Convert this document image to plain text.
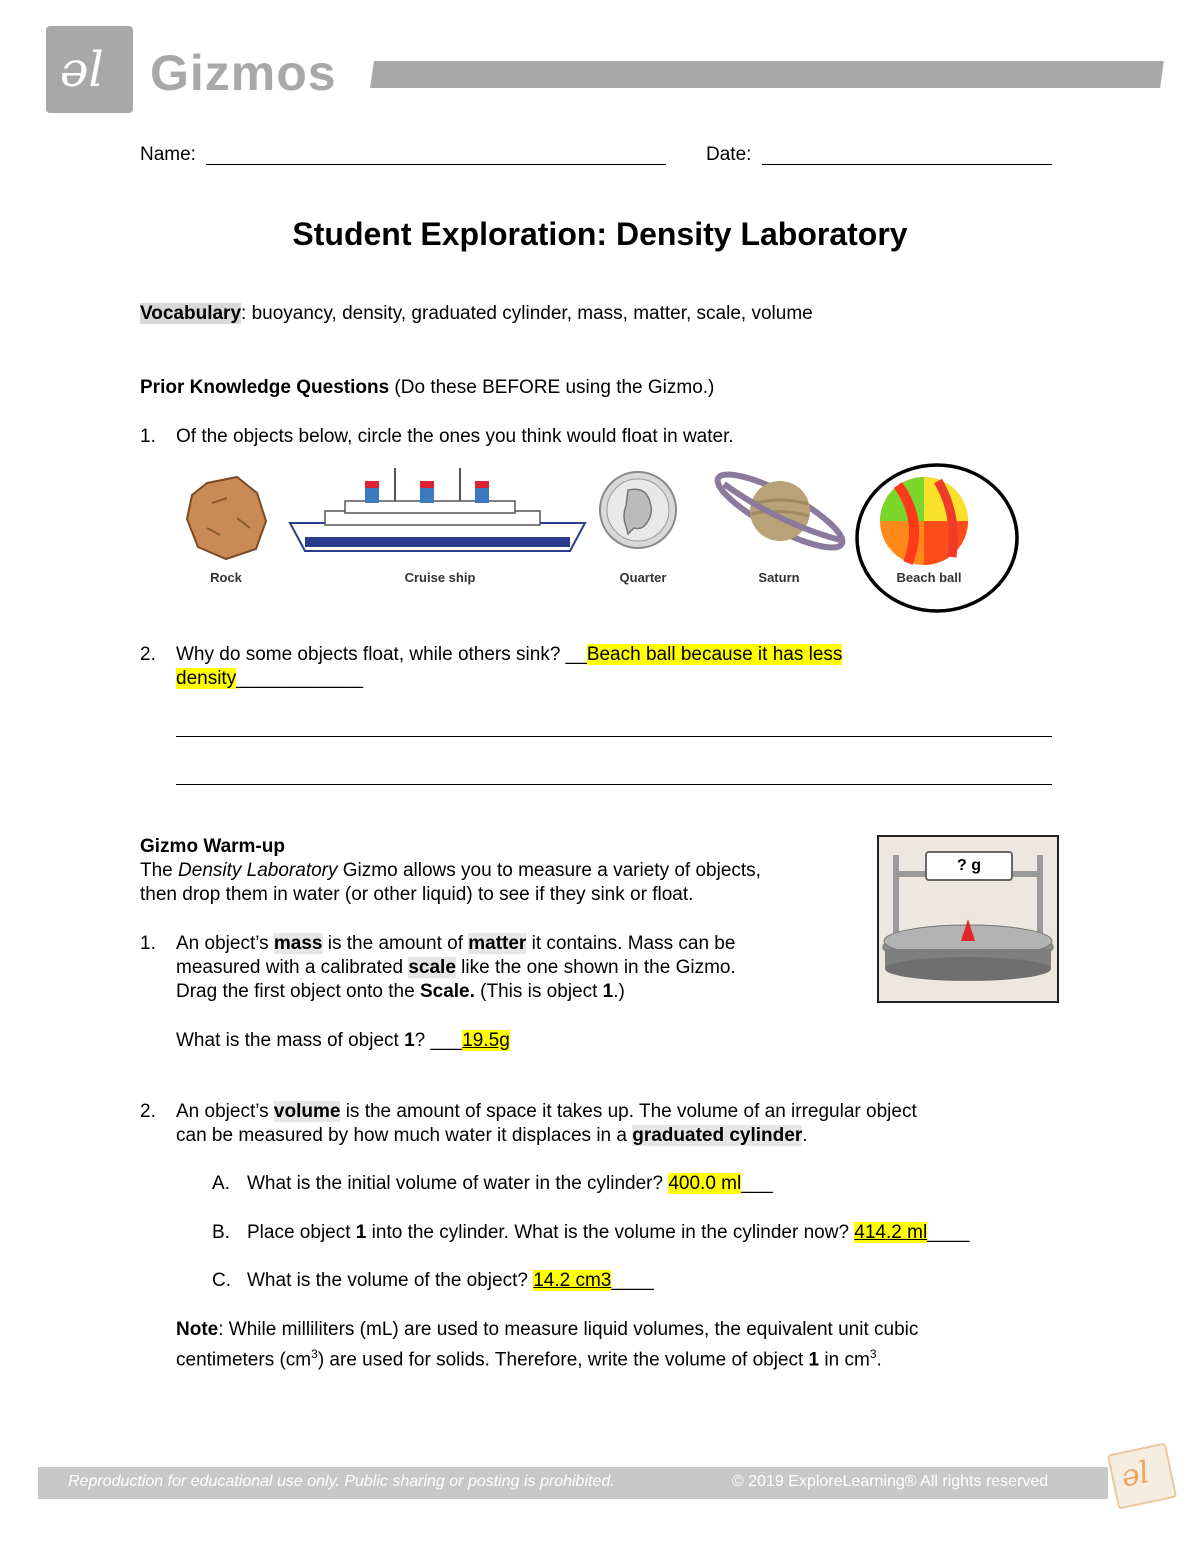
əl Gizmos
Name:	Date:
Student Exploration: Density Laboratory
Vocabulary: buoyancy, density, graduated cylinder, mass, matter, scale, volume
Prior Knowledge Questions (Do these BEFORE using the Gizmo.)
1. Of the objects below, circle the ones you think would float in water.
Rock	Cruise ship	Quarter	Saturn	Beach ball
2. Why do some objects float, while others sink? __Beach ball because it has less
density____________
Gizmo Warm-up
The Density Laboratory Gizmo allows you to measure a variety of objects,
then drop them in water (or other liquid) to see if they sink or float.
? g
1. An object’s mass is the amount of matter it contains. Mass can be
measured with a calibrated scale like the one shown in the Gizmo.
Drag the first object onto the Scale. (This is object 1.)
What is the mass of object 1? ___19.5g
2. An object’s volume is the amount of space it takes up. The volume of an irregular object
can be measured by how much water it displaces in a graduated cylinder.
A. What is the initial volume of water in the cylinder? 400.0 ml___
B. Place object 1 into the cylinder. What is the volume in the cylinder now? 414.2 ml____
C. What is the volume of the object? 14.2 cm3____
Note: While milliliters (mL) are used to measure liquid volumes, the equivalent unit cubic
centimeters $(cm^3)$ are used for solids. Therefore, write the volume of object 1 in $cm^3$.
Reproduction for educational use only. Public sharing or posting is prohibited.	© 2019 ExploreLearning® All rights reserved əl
